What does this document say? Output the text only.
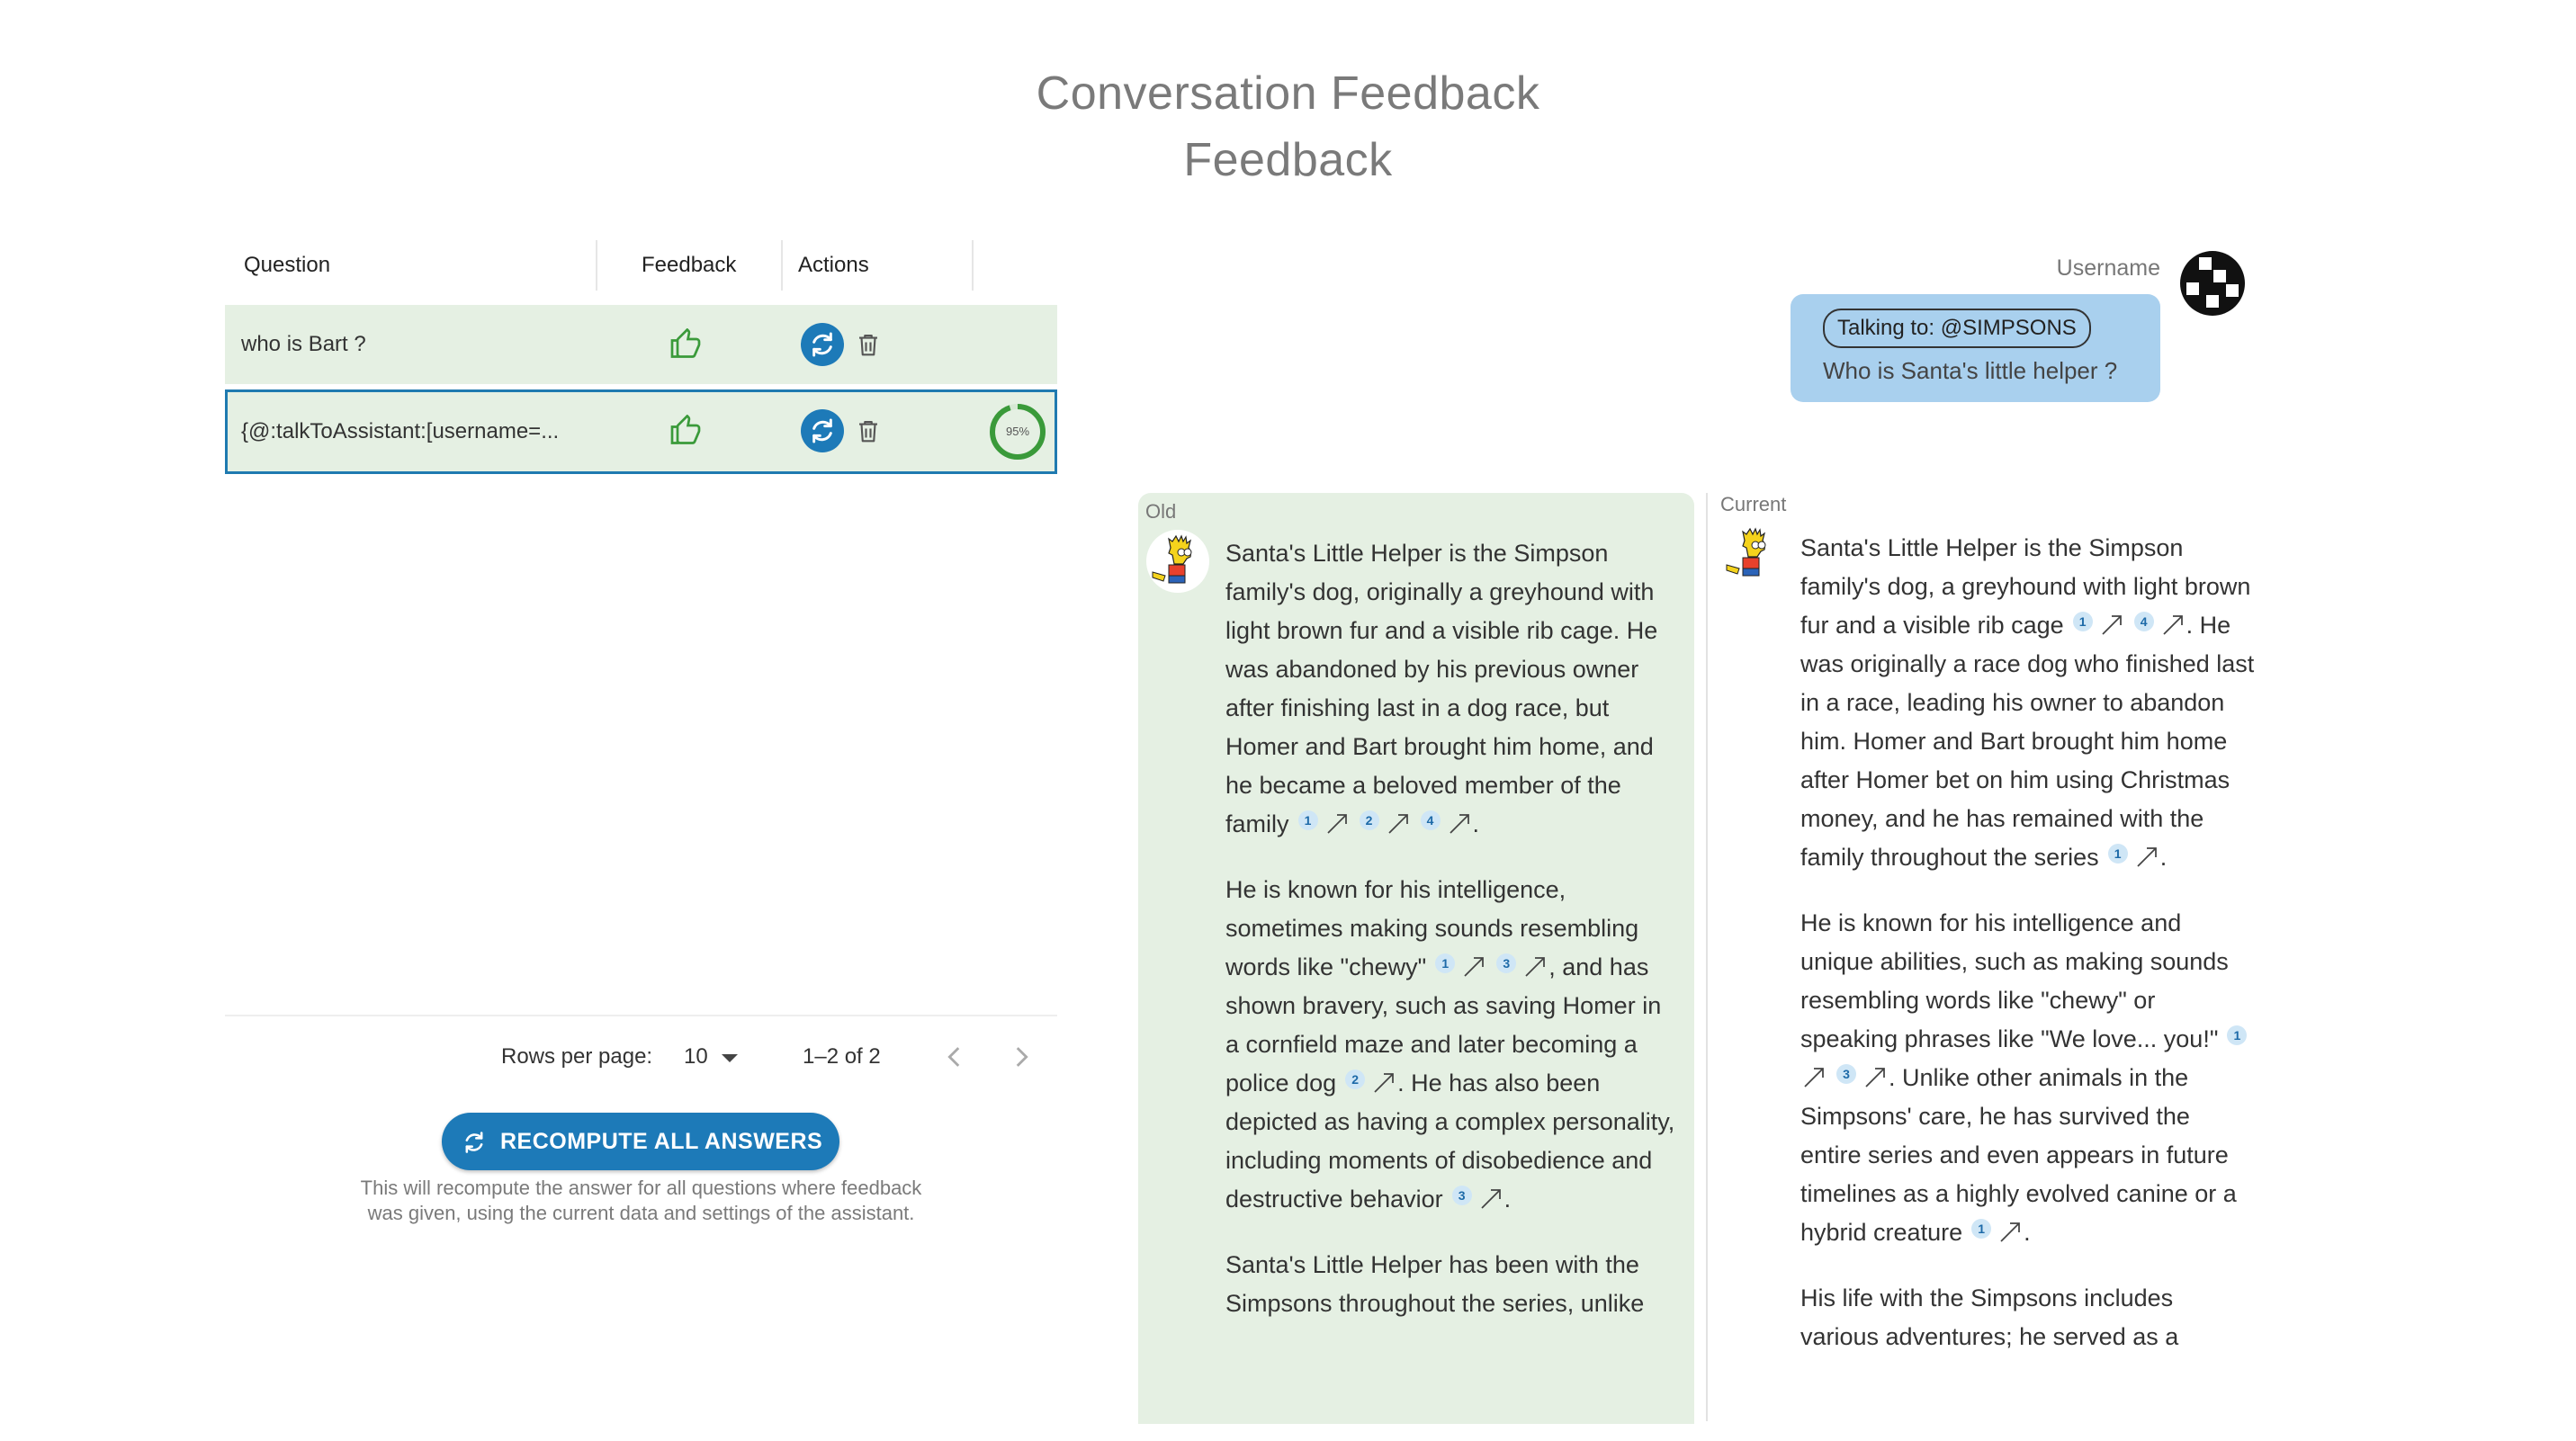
Conversation Feedback
Feedback
Question	Feedback	Actions
who is Bart ?
{@:talkToAssistant:[username=...	95%
Rows per page: 10	1–2 of 2
RECOMPUTE ALL ANSWERS
This will recompute the answer for all questions where feedback was given, using the current data and settings of the assistant.
Username
Talking to: @SIMPSONS
Who is Santa's little helper ?
Old

Santa's Little Helper is the Simpson family's dog, originally a greyhound with light brown fur and a visible rib cage. He was abandoned by his previous owner after finishing last in a dog race, but Homer and Bart brought him home, and he became a beloved member of the family 1	2	4 .

He is known for his intelligence, sometimes making sounds resembling words like "chewy" 1	3 , and has shown bravery, such as saving Homer in a cornfield maze and later becoming a police dog 2 . He has also been depicted as having a complex personality, including moments of disobedience and destructive behavior 3 .

Santa's Little Helper has been with the Simpsons throughout the series, unlike

Current

Santa's Little Helper is the Simpson family's dog, a greyhound with light brown fur and a visible rib cage 1	4 . He was originally a race dog who finished last in a race, leading his owner to abandon him. Homer and Bart brought him home after Homer bet on him using Christmas money, and he has remained with the family throughout the series 1 .

He is known for his intelligence and unique abilities, such as making sounds resembling words like "chewy" or speaking phrases like "We love... you!" 13 . Unlike other animals in the Simpsons' care, he has survived the entire series and even appears in future timelines as a highly evolved canine or a hybrid creature 1 .

His life with the Simpsons includes various adventures; he served as a
